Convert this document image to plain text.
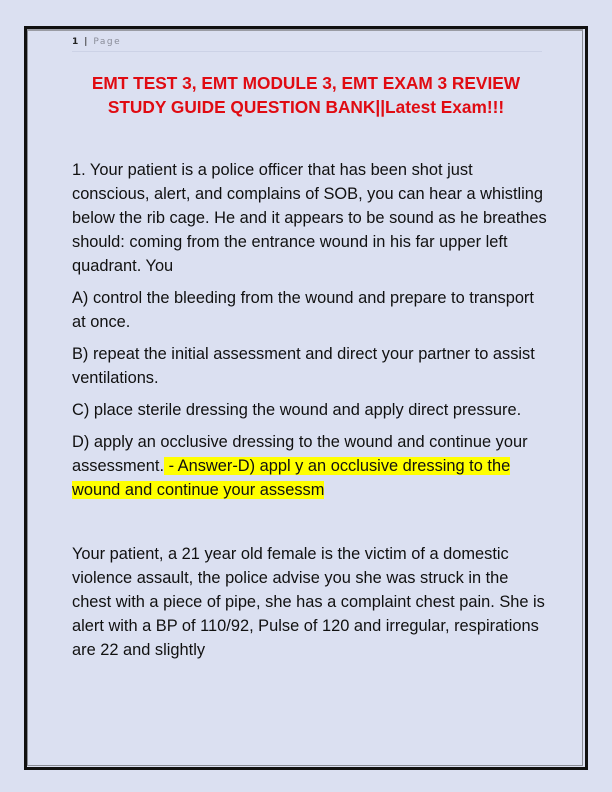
1 | Page
EMT TEST 3, EMT MODULE 3, EMT EXAM 3 REVIEW
STUDY GUIDE QUESTION BANK||Latest Exam!!!

1. Your patient is a police officer that has been shot just conscious, alert, and complains of SOB, you can hear a whistling below the rib cage. He and it appears to be sound as he breathes should: coming from the entrance wound in his far upper left quadrant. You

A) control the bleeding from the wound and prepare to transport at once.

B) repeat the initial assessment and direct your partner to assist ventilations.

C) place sterile dressing the wound and apply direct pressure.

D) apply an occlusive dressing to the wound and continue your assessment. - Answer-D) appl y an occlusive dressing to the wound and continue your assessm

Your patient, a 21 year old female is the victim of a domestic violence assault, the police advise you she was struck in the chest with a piece of pipe, she has a complaint chest pain. She is alert with a BP of 110/92, Pulse of 120 and irregular, respirations are 22 and slightly
